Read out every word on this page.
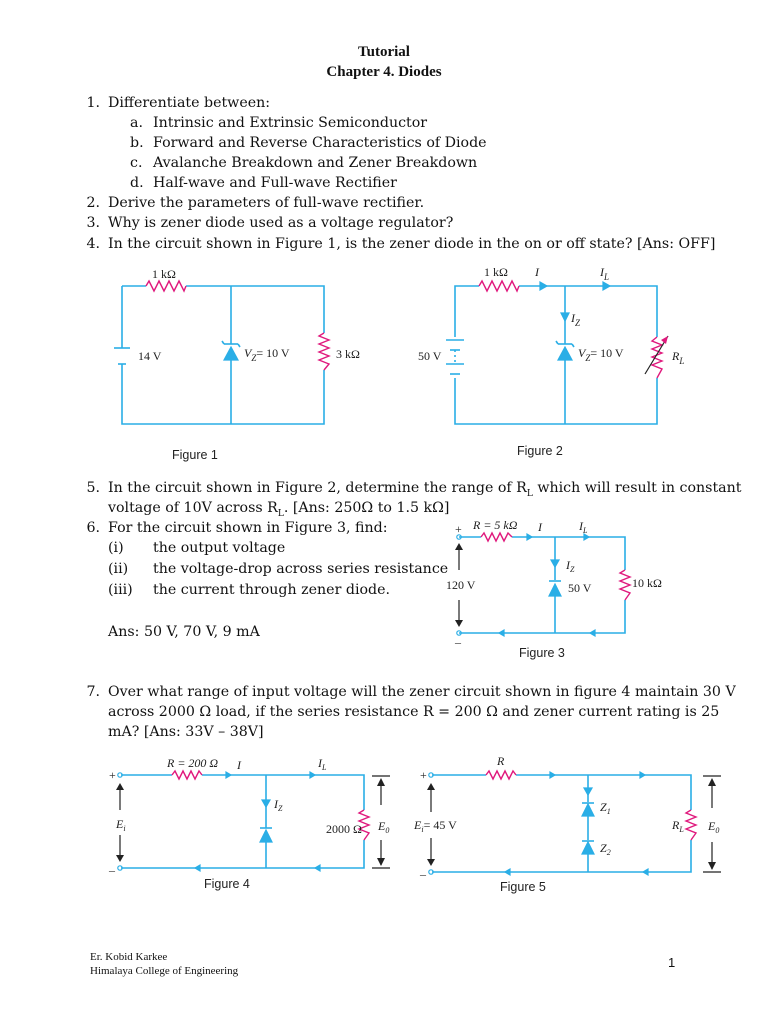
Tutorial
Chapter 4. Diodes
1. Differentiate between:
a. Intrinsic and Extrinsic Semiconductor
b. Forward and Reverse Characteristics of Diode
c. Avalanche Breakdown and Zener Breakdown
d. Half-wave and Full-wave Rectifier
2. Derive the parameters of full-wave rectifier.
3. Why is zener diode used as a voltage regulator?
4. In the circuit shown in Figure 1, is the zener diode in the on or off state? [Ans: OFF]
1 kΩ
14 V	$V_Z= 10$ V	3 kΩ
Figure 1
1 kΩ I	$I_L$
$I_Z$
50 V	$V_Z= 10$ V	$R_L$
Figure 2
5. In the circuit shown in Figure 2, determine the range of $R_L$ which will result in constant
voltage of 10V across $R_L$. [Ans: 250Ω to 1.5 kΩ]
6. For the circuit shown in Figure 3, find:
(i) the output voltage
(ii) the voltage-drop across series resistance
(iii) the current through zener diode.
Ans: 50 V, 70 V, 9 mA
+
–
R = 5 kΩ I	$I_L$
$I_Z$
120 V	50 V	10 kΩ
Figure 3
7. Over what range of input voltage will the zener circuit shown in figure 4 maintain 30 V
across 2000 Ω load, if the series resistance R = 200 Ω and zener current rating is 25
mA? [Ans: 33V – 38V]
+
–
R = 200 Ω I	$I_L$
$I_Z$
$E_i$	2000 Ω $E_0$
Figure 4
+
–
R
$Z_1$
$Z_2$
$E_i= 45$ V	$R_L$ $E_0$
Figure 5
Er. Kobid Karkee
Himalaya College of Engineering
1
